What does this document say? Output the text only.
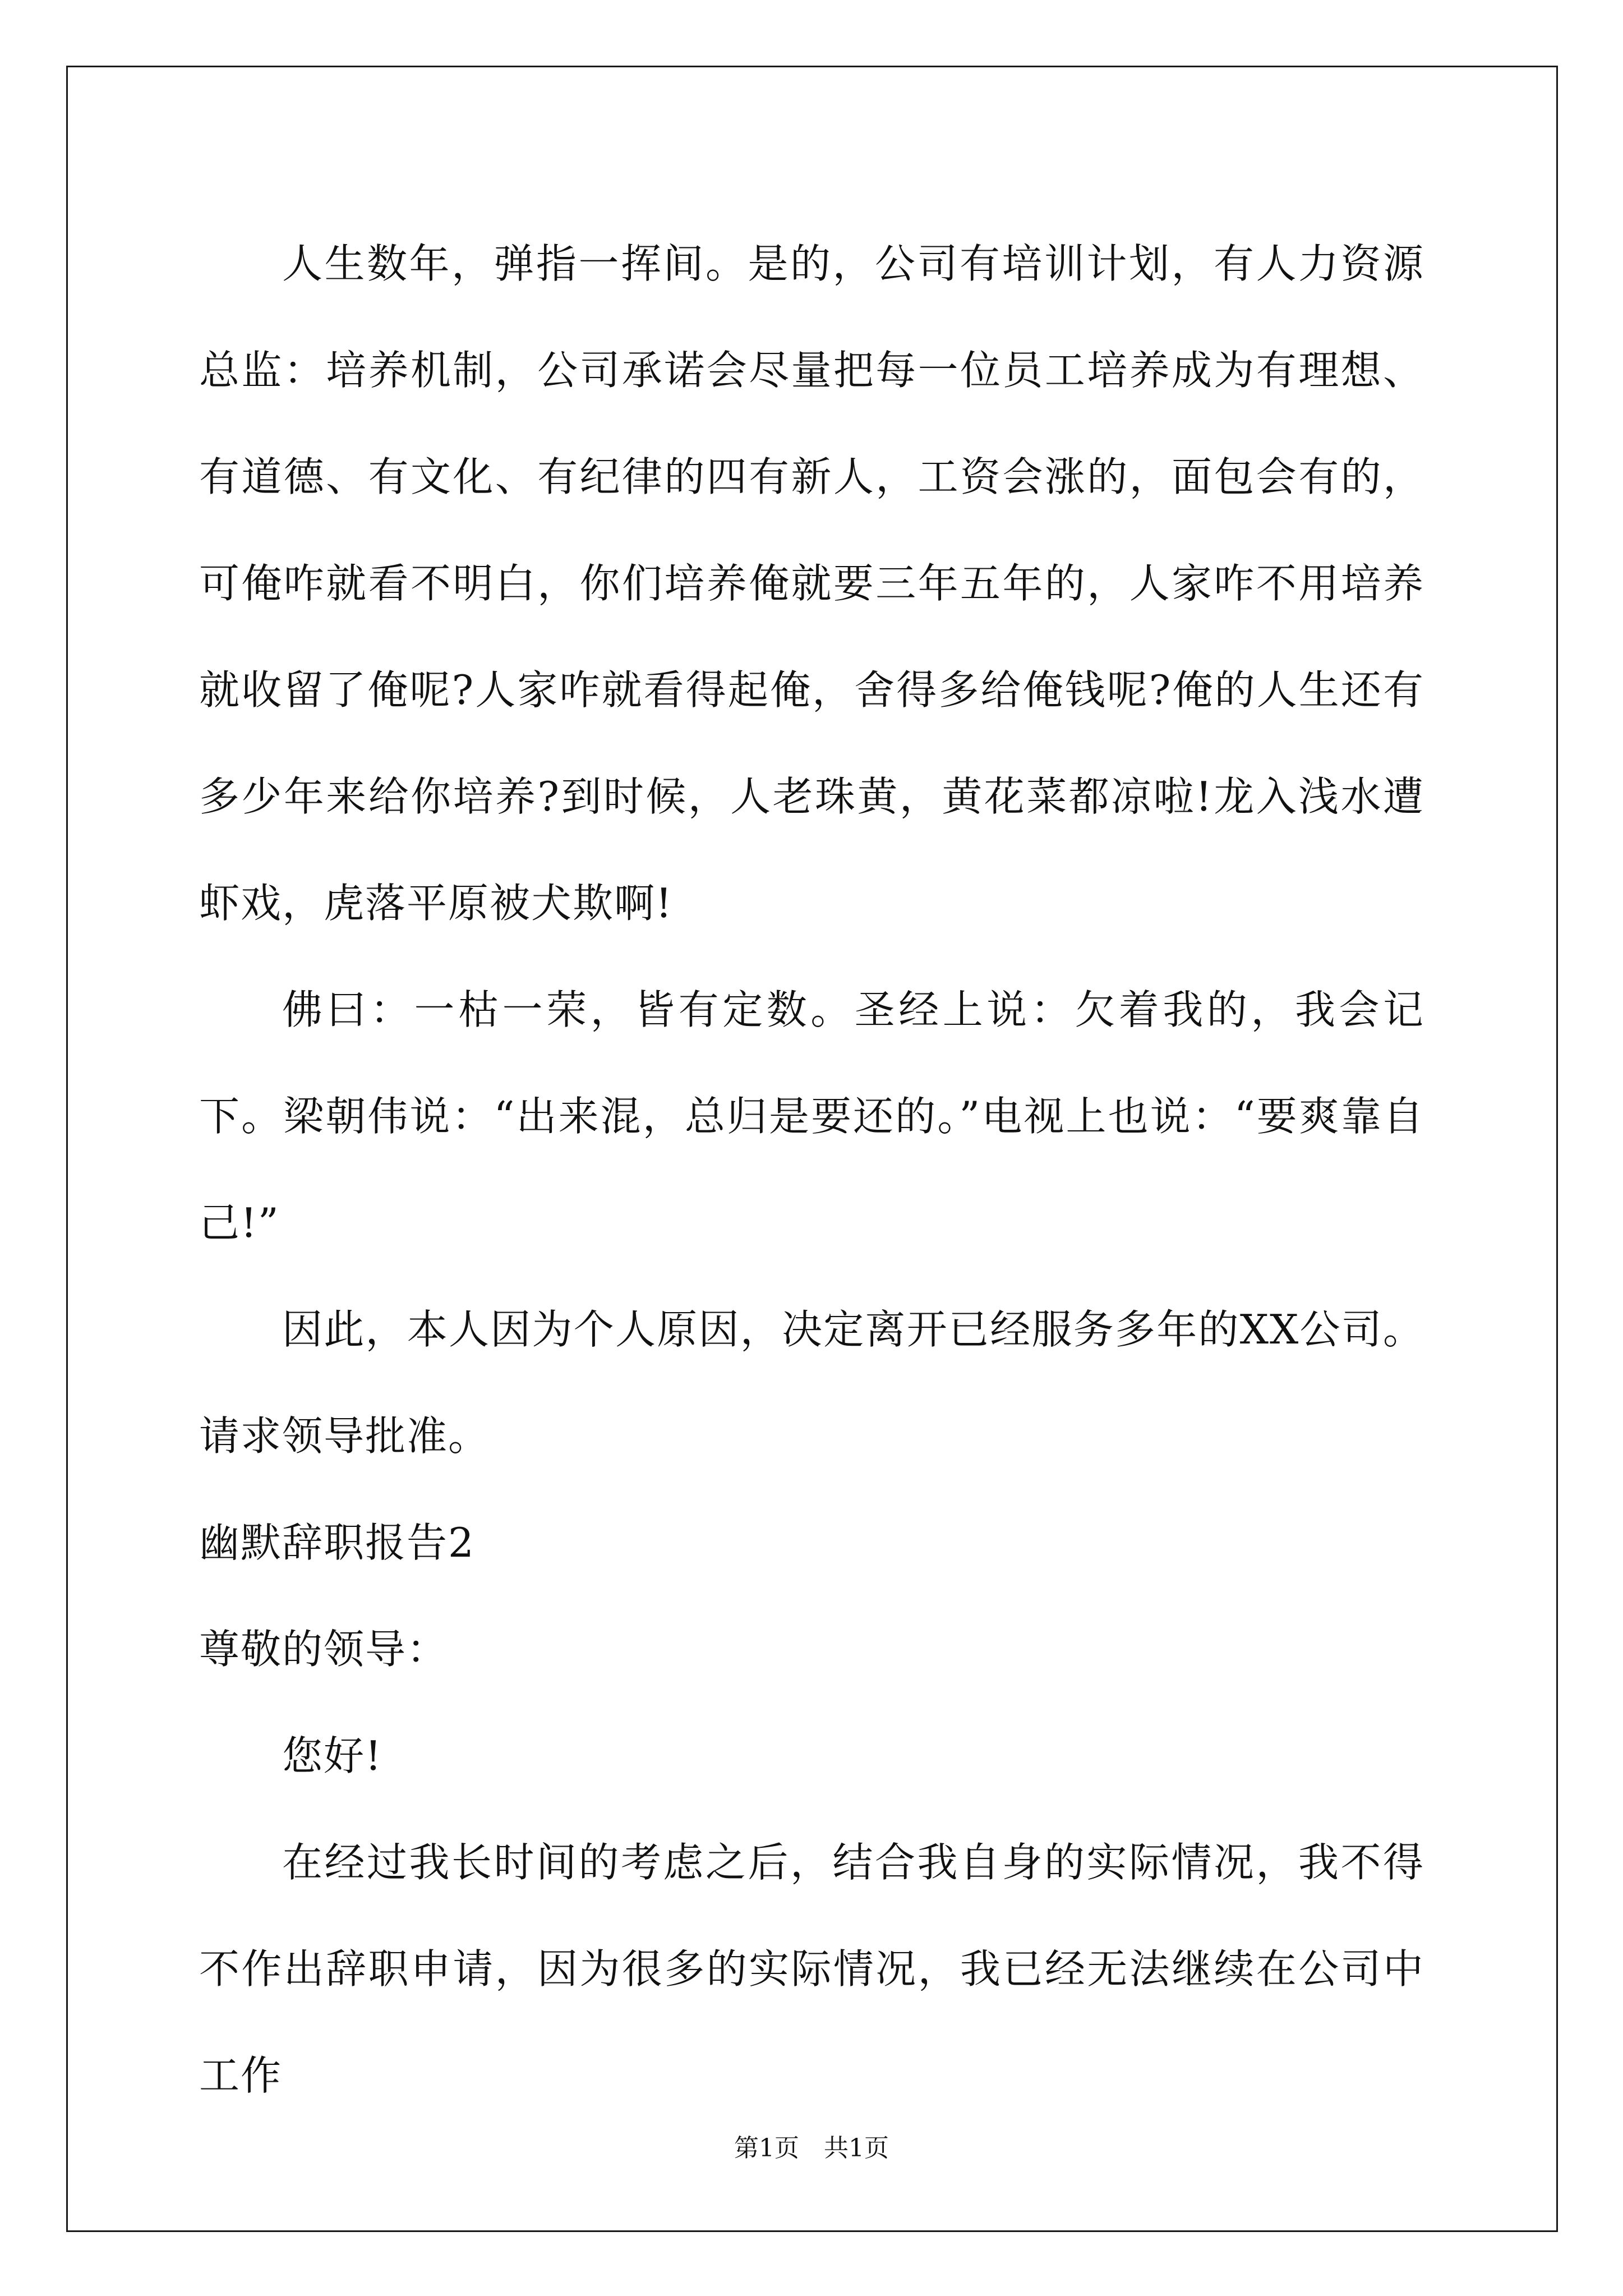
人生数年，弹指一挥间。是的，公司有培训计划，有人力资源总监：培养机制，公司承诺会尽量把每一位员工培养成为有理想、有道德、有文化、有纪律的四有新人，工资会涨的，面包会有的，可俺咋就看不明白，你们培养俺就要三年五年的，人家咋不用培养就收留了俺呢?人家咋就看得起俺，舍得多给俺钱呢?俺的人生还有多少年来给你培养?到时候，人老珠黄，黄花菜都凉啦!龙入浅水遭虾戏，虎落平原被犬欺啊!

佛曰：一枯一荣，皆有定数。圣经上说：欠着我的，我会记下。梁朝伟说：“出来混，总归是要还的。”电视上也说：“要爽靠自己!”

因此，本人因为个人原因，决定离开已经服务多年的XX公司。请求领导批准。

幽默辞职报告2

尊敬的领导：

您好!

在经过我长时间的考虑之后，结合我自身的实际情况，我不得不作出辞职申请，因为很多的实际情况，我已经无法继续在公司中工作

第1页　共1页
